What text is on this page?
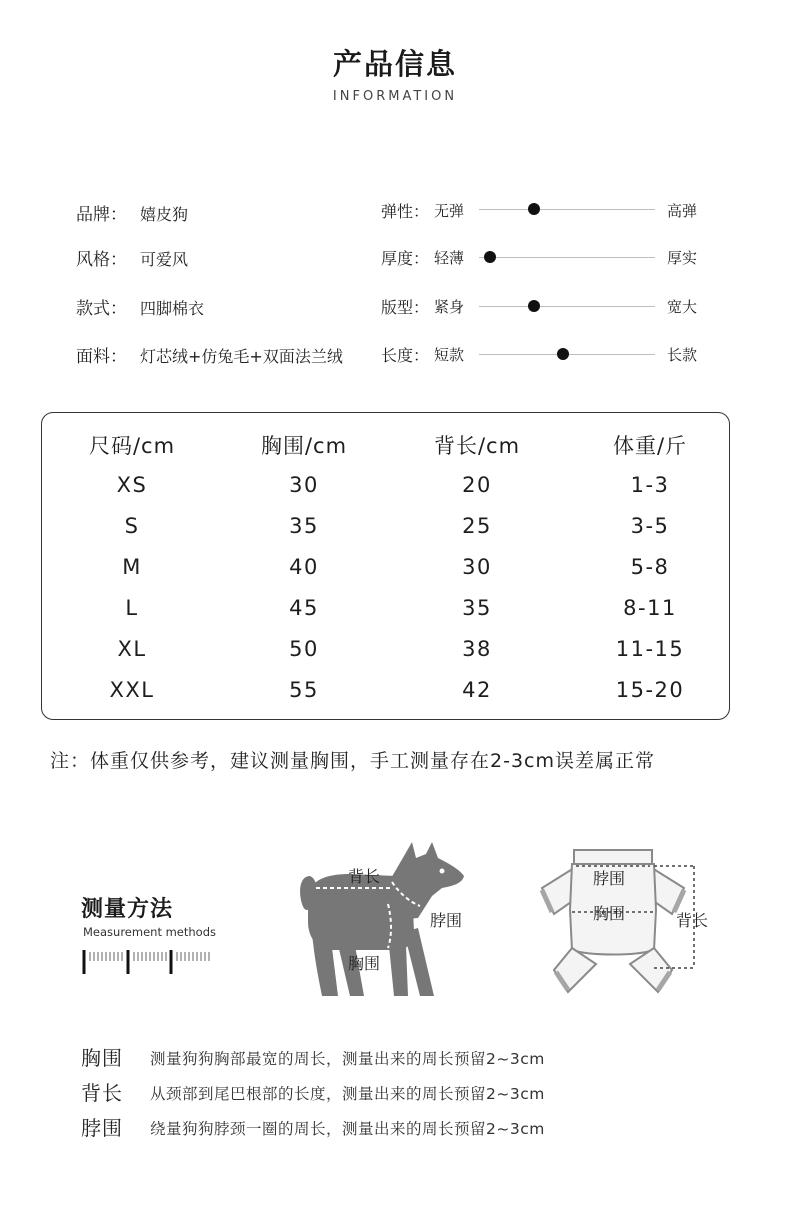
产品信息
INFORMATION
品牌： 嬉皮狗
风格： 可爱风
款式： 四脚棉衣
面料： 灯芯绒+仿兔毛+双面法兰绒
弹性： 无弹	高弹
厚度： 轻薄	厚实
版型： 紧身	宽大
长度： 短款	长款
尺码/cm	胸围/cm	背长/cm	体重/斤
XS	30	20	1-3
S	35	25	3-5
M	40	30	5-8
L	45	35	8-11
XL	50	38	11-15
XXL	55	42	15-20
注：体重仅供参考，建议测量胸围，手工测量存在2-3cm误差属正常
测量方法
Measurement methods
背长
脖围
胸围
脖围
胸围	背长
胸围 测量狗狗胸部最宽的周长，测量出来的周长预留2~3cm
背长 从颈部到尾巴根部的长度，测量出来的周长预留2~3cm
脖围 绕量狗狗脖颈一圈的周长，测量出来的周长预留2~3cm
